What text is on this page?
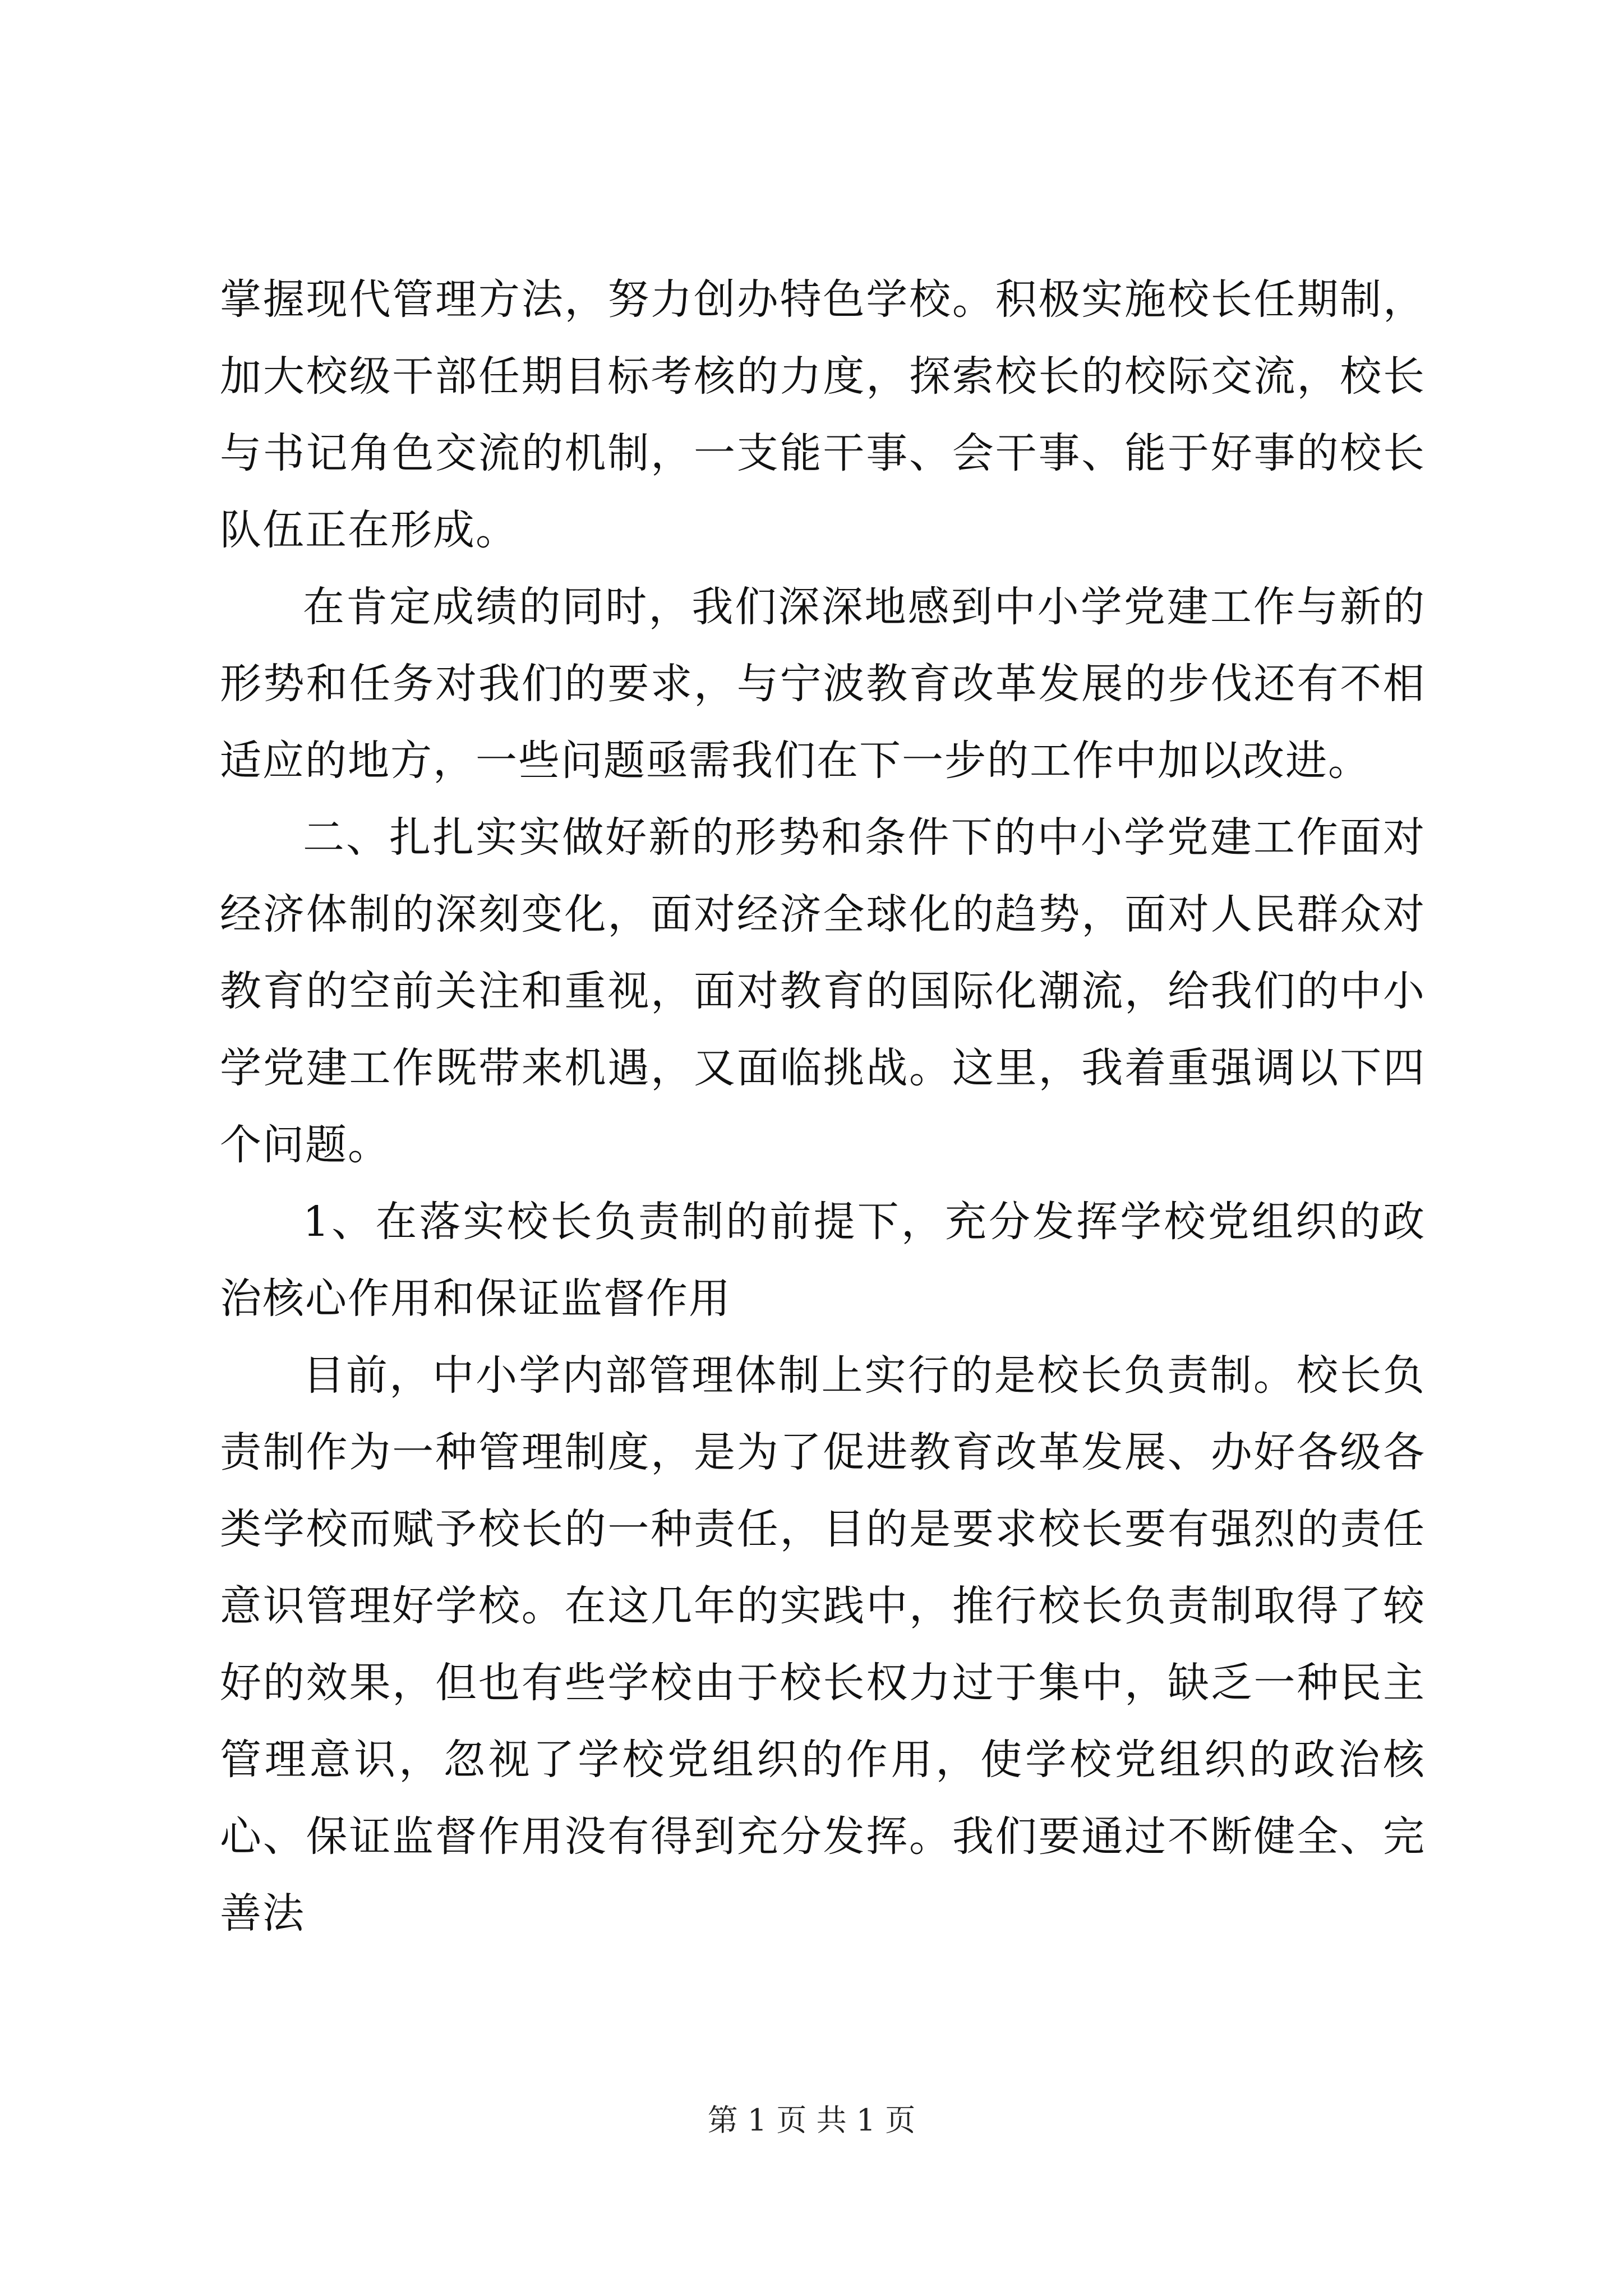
掌握现代管理方法，努力创办特色学校。积极实施校长任期制，加大校级干部任期目标考核的力度，探索校长的校际交流，校长与书记角色交流的机制，一支能干事、会干事、能于好事的校长队伍正在形成。

在肯定成绩的同时，我们深深地感到中小学党建工作与新的形势和任务对我们的要求，与宁波教育改革发展的步伐还有不相适应的地方，一些问题亟需我们在下一步的工作中加以改进。

二、扎扎实实做好新的形势和条件下的中小学党建工作面对经济体制的深刻变化，面对经济全球化的趋势，面对人民群众对教育的空前关注和重视，面对教育的国际化潮流，给我们的中小学党建工作既带来机遇，又面临挑战。这里，我着重强调以下四个问题。

1、在落实校长负责制的前提下，充分发挥学校党组织的政治核心作用和保证监督作用

目前，中小学内部管理体制上实行的是校长负责制。校长负责制作为一种管理制度，是为了促进教育改革发展、办好各级各类学校而赋予校长的一种责任，目的是要求校长要有强烈的责任意识管理好学校。在这几年的实践中，推行校长负责制取得了较好的效果，但也有些学校由于校长权力过于集中，缺乏一种民主管理意识，忽视了学校党组织的作用，使学校党组织的政治核心、保证监督作用没有得到充分发挥。我们要通过不断健全、完善法

第 1 页 共 1 页
